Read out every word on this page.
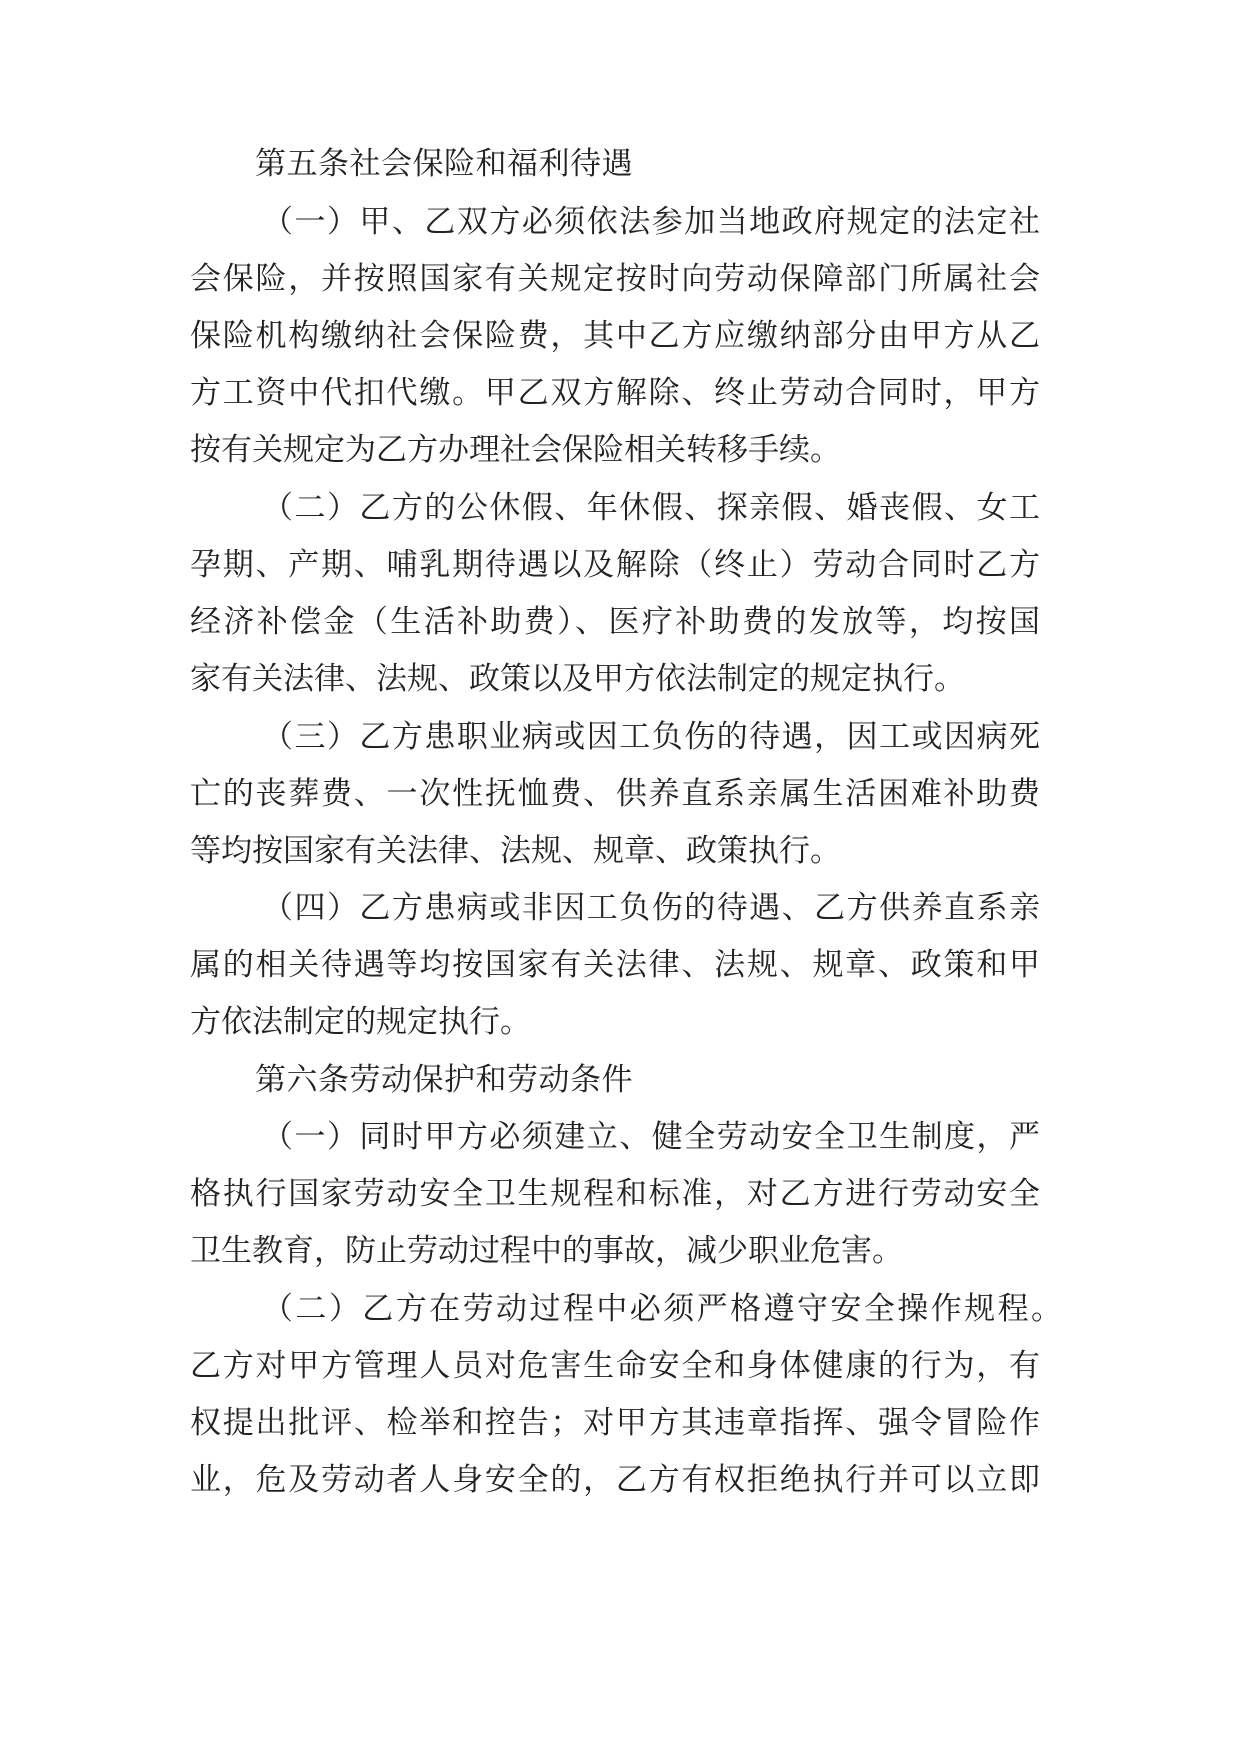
第五条社会保险和福利待遇
（一）甲、乙双方必须依法参加当地政府规定的法定社
会保险，并按照国家有关规定按时向劳动保障部门所属社会
保险机构缴纳社会保险费，其中乙方应缴纳部分由甲方从乙
方工资中代扣代缴。甲乙双方解除、终止劳动合同时，甲方
按有关规定为乙方办理社会保险相关转移手续。
（二）乙方的公休假、年休假、探亲假、婚丧假、女工
孕期、产期、哺乳期待遇以及解除（终止）劳动合同时乙方
经济补偿金（生活补助费）、医疗补助费的发放等，均按国
家有关法律、法规、政策以及甲方依法制定的规定执行。
（三）乙方患职业病或因工负伤的待遇，因工或因病死
亡的丧葬费、一次性抚恤费、供养直系亲属生活困难补助费
等均按国家有关法律、法规、规章、政策执行。
（四）乙方患病或非因工负伤的待遇、乙方供养直系亲
属的相关待遇等均按国家有关法律、法规、规章、政策和甲
方依法制定的规定执行。
第六条劳动保护和劳动条件
（一）同时甲方必须建立、健全劳动安全卫生制度，严
格执行国家劳动安全卫生规程和标准，对乙方进行劳动安全
卫生教育，防止劳动过程中的事故，减少职业危害。
（二）乙方在劳动过程中必须严格遵守安全操作规程。
乙方对甲方管理人员对危害生命安全和身体健康的行为，有
权提出批评、检举和控告；对甲方其违章指挥、强令冒险作
业，危及劳动者人身安全的，乙方有权拒绝执行并可以立即
